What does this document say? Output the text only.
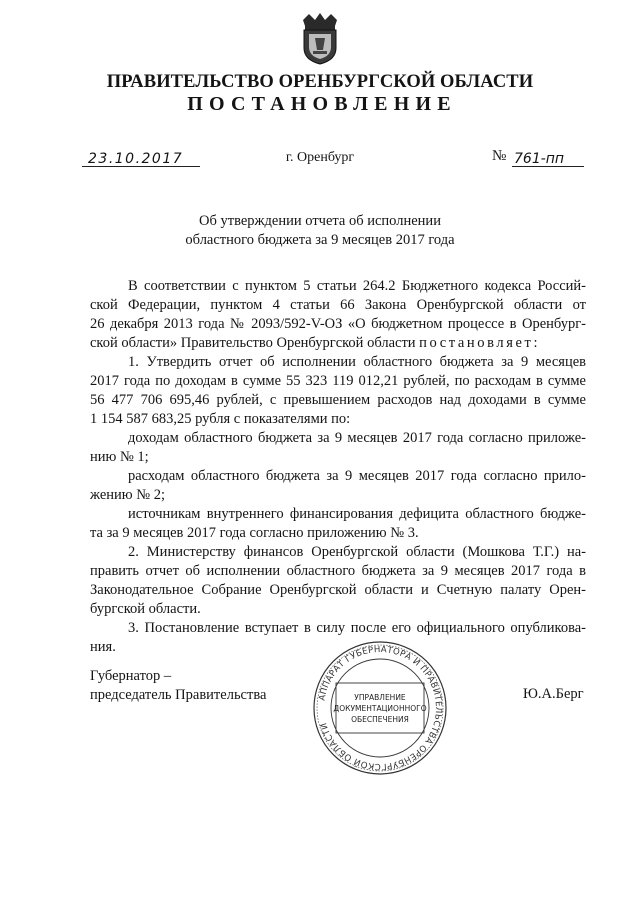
ПРАВИТЕЛЬСТВО ОРЕНБУРГСКОЙ ОБЛАСТИ
ПОСТАНОВЛЕНИЕ
23.10.2017	г. Оренбург	№ 761-пп
Об утверждении отчета об исполнении
областного бюджета за 9 месяцев 2017 года
В соответствии с пунктом 5 статьи 264.2 Бюджетного кодекса Россий-
ской Федерации, пунктом 4 статьи 66 Закона Оренбургской области от
26 декабря 2013 года № 2093/592-V-ОЗ «О бюджетном процессе в Оренбург-
ской области» Правительство Оренбургской области постановляет:
1. Утвердить отчет об исполнении областного бюджета за 9 месяцев
2017 года по доходам в сумме 55 323 119 012,21 рублей, по расходам в сумме
56 477 706 695,46 рублей, с превышением расходов над доходами в сумме
1 154 587 683,25 рубля с показателями по:
доходам областного бюджета за 9 месяцев 2017 года согласно приложе-
нию № 1;
расходам областного бюджета за 9 месяцев 2017 года согласно прило-
жению № 2;
источникам внутреннего финансирования дефицита областного бюдже-
та за 9 месяцев 2017 года согласно приложению № 3.
2. Министерству финансов Оренбургской области (Мошкова Т.Г.) на-
править отчет об исполнении областного бюджета за 9 месяцев 2017 года в
Законодательное Собрание Оренбургской области и Счетную палату Орен-
бургской области.
3. Постановление вступает в силу после его официального опубликова-
ния.
Губернатор –
председатель Правительства	АППАРАТ ГУБЕРНАТОРА И ПРАВИТЕЛЬСТВА ОРЕНБУРГСКОЙ ОБЛАСТИ
УПРАВЛЕНИЕ
ДОКУМЕНТАЦИОННОГО
ОБЕСПЕЧЕНИЯ
Ю.А.Берг
